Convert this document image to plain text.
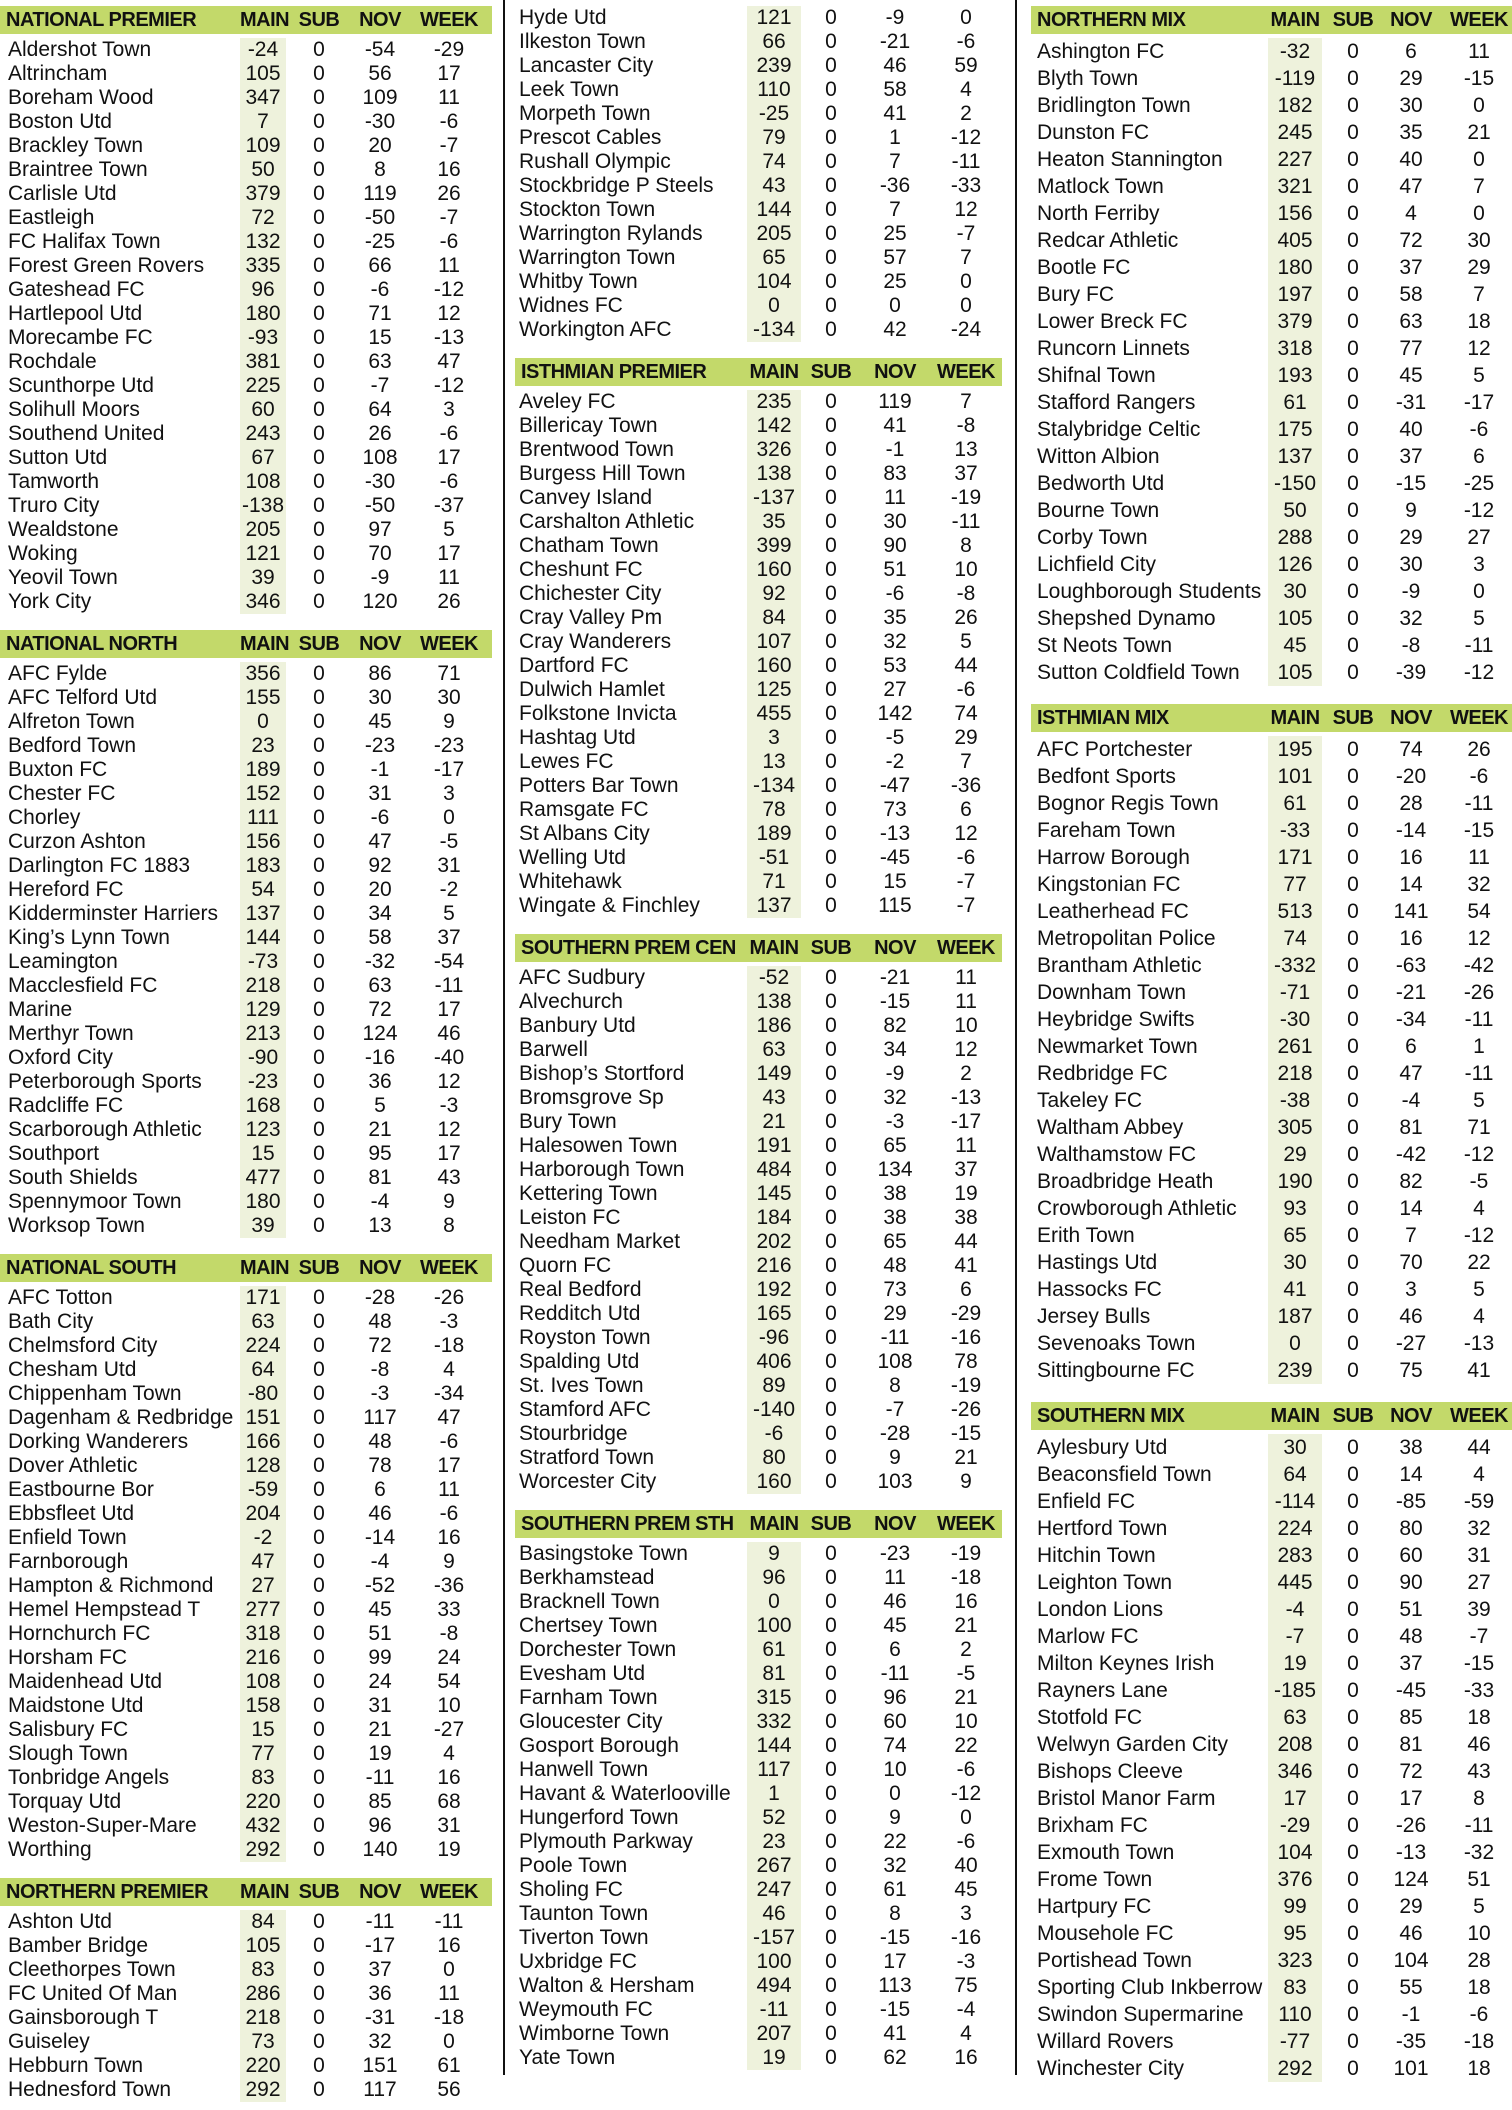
NATIONAL PREMIER MAIN SUB NOV WEEK
Aldershot Town	-24	0	-54	-29
Altrincham	105	0	56	17
Boreham Wood	347	0	109	11
Boston Utd	7	0	-30	-6
Brackley Town	109	0	20	-7
Braintree Town	50	0	8	16
Carlisle Utd	379	0	119	26
Eastleigh	72	0	-50	-7
FC Halifax Town	132	0	-25	-6
Forest Green Rovers	335	0	66	11
Gateshead FC	96	0	-6	-12
Hartlepool Utd	180	0	71	12
Morecambe FC	-93	0	15	-13
Rochdale	381	0	63	47
Scunthorpe Utd	225	0	-7	-12
Solihull Moors	60	0	64	3
Southend United	243	0	26	-6
Sutton Utd	67	0	108	17
Tamworth	108	0	-30	-6
Truro City	-138	0	-50	-37
Wealdstone	205	0	97	5
Woking	121	0	70	17
Yeovil Town	39	0	-9	11
York City	346	0	120	26
NATIONAL NORTH	MAIN SUB NOV WEEK
AFC Fylde	356	0	86	71
AFC Telford Utd	155	0	30	30
Alfreton Town	0	0	45	9
Bedford Town	23	0	-23	-23
Buxton FC	189	0	-1	-17
Chester FC	152	0	31	3
Chorley	111	0	-6	0
Curzon Ashton	156	0	47	-5
Darlington FC 1883	183	0	92	31
Hereford FC	54	0	20	-2
Kidderminster Harriers	137	0	34	5
King’s Lynn Town	144	0	58	37
Leamington	-73	0	-32	-54
Macclesfield FC	218	0	63	-11
Marine	129	0	72	17
Merthyr Town	213	0	124	46
Oxford City	-90	0	-16	-40
Peterborough Sports	-23	0	36	12
Radcliffe FC	168	0	5	-3
Scarborough Athletic	123	0	21	12
Southport	15	0	95	17
South Shields	477	0	81	43
Spennymoor Town	180	0	-4	9
Worksop Town	39	0	13	8
NATIONAL SOUTH	MAIN SUB NOV WEEK
AFC Totton	171	0	-28	-26
Bath City	63	0	48	-3
Chelmsford City	224	0	72	-18
Chesham Utd	64	0	-8	4
Chippenham Town	-80	0	-3	-34
Dagenham & Redbridge 151	0	117	47
Dorking Wanderers	166	0	48	-6
Dover Athletic	128	0	78	17
Eastbourne Bor	-59	0	6	11
Ebbsfleet Utd	204	0	46	-6
Enfield Town	-2	0	-14	16
Farnborough	47	0	-4	9
Hampton & Richmond	27	0	-52	-36
Hemel Hempstead T	277	0	45	33
Hornchurch FC	318	0	51	-8
Horsham FC	216	0	99	24
Maidenhead Utd	108	0	24	54
Maidstone Utd	158	0	31	10
Salisbury FC	15	0	21	-27
Slough Town	77	0	19	4
Tonbridge Angels	83	0	-11	16
Torquay Utd	220	0	85	68
Weston-Super-Mare	432	0	96	31
Worthing	292	0	140	19
NORTHERN PREMIER MAIN SUB NOV WEEK
Ashton Utd	84	0	-11	-11
Bamber Bridge	105	0	-17	16
Cleethorpes Town	83	0	37	0
FC United Of Man	286	0	36	11
Gainsborough T	218	0	-31	-18
Guiseley	73	0	32	0
Hebburn Town	220	0	151	61
Hednesford Town	292	0	117	56
Hyde Utd	121	0	-9	0
Ilkeston Town	66	0	-21	-6
Lancaster City	239	0	46	59
Leek Town	110	0	58	4
Morpeth Town	-25	0	41	2
Prescot Cables	79	0	1	-12
Rushall Olympic	74	0	7	-11
Stockbridge P Steels	43	0	-36	-33
Stockton Town	144	0	7	12
Warrington Rylands	205	0	25	-7
Warrington Town	65	0	57	7
Whitby Town	104	0	25	0
Widnes FC	0	0	0	0
Workington AFC	-134	0	42	-24
ISTHMIAN PREMIER MAIN SUB	NOV	WEEK
Aveley FC	235	0	119	7
Billericay Town	142	0	41	-8
Brentwood Town	326	0	-1	13
Burgess Hill Town	138	0	83	37
Canvey Island	-137	0	11	-19
Carshalton Athletic	35	0	30	-11
Chatham Town	399	0	90	8
Cheshunt FC	160	0	51	10
Chichester City	92	0	-6	-8
Cray Valley Pm	84	0	35	26
Cray Wanderers	107	0	32	5
Dartford FC	160	0	53	44
Dulwich Hamlet	125	0	27	-6
Folkstone Invicta	455	0	142	74
Hashtag Utd	3	0	-5	29
Lewes FC	13	0	-2	7
Potters Bar Town	-134	0	-47	-36
Ramsgate FC	78	0	73	6
St Albans City	189	0	-13	12
Welling Utd	-51	0	-45	-6
Whitehawk	71	0	15	-7
Wingate & Finchley	137	0	115	-7
SOUTHERN PREM CEN MAIN SUB	NOV	WEEK
AFC Sudbury	-52	0	-21	11
Alvechurch	138	0	-15	11
Banbury Utd	186	0	82	10
Barwell	63	0	34	12
Bishop’s Stortford	149	0	-9	2
Bromsgrove Sp	43	0	32	-13
Bury Town	21	0	-3	-17
Halesowen Town	191	0	65	11
Harborough Town	484	0	134	37
Kettering Town	145	0	38	19
Leiston FC	184	0	38	38
Needham Market	202	0	65	44
Quorn FC	216	0	48	41
Real Bedford	192	0	73	6
Redditch Utd	165	0	29	-29
Royston Town	-96	0	-11	-16
Spalding Utd	406	0	108	78
St. Ives Town	89	0	8	-19
Stamford AFC	-140	0	-7	-26
Stourbridge	-6	0	-28	-15
Stratford Town	80	0	9	21
Worcester City	160	0	103	9
SOUTHERN PREM STH MAIN SUB	NOV	WEEK
Basingstoke Town	9	0	-23	-19
Berkhamstead	96	0	11	-18
Bracknell Town	0	0	46	16
Chertsey Town	100	0	45	21
Dorchester Town	61	0	6	2
Evesham Utd	81	0	-11	-5
Farnham Town	315	0	96	21
Gloucester City	332	0	60	10
Gosport Borough	144	0	74	22
Hanwell Town	117	0	10	-6
Havant & Waterlooville	1	0	0	-12
Hungerford Town	52	0	9	0
Plymouth Parkway	23	0	22	-6
Poole Town	267	0	32	40
Sholing FC	247	0	61	45
Taunton Town	46	0	8	3
Tiverton Town	-157	0	-15	-16
Uxbridge FC	100	0	17	-3
Walton & Hersham	494	0	113	75
Weymouth FC	-11	0	-15	-4
Wimborne Town	207	0	41	4
Yate Town	19	0	62	16
NORTHERN MIX	MAIN SUB NOV WEEK
Ashington FC	-32	0	6	11
Blyth Town	-119	0	29	-15
Bridlington Town	182	0	30	0
Dunston FC	245	0	35	21
Heaton Stannington	227	0	40	0
Matlock Town	321	0	47	7
North Ferriby	156	0	4	0
Redcar Athletic	405	0	72	30
Bootle FC	180	0	37	29
Bury FC	197	0	58	7
Lower Breck FC	379	0	63	18
Runcorn Linnets	318	0	77	12
Shifnal Town	193	0	45	5
Stafford Rangers	61	0	-31	-17
Stalybridge Celtic	175	0	40	-6
Witton Albion	137	0	37	6
Bedworth Utd	-150	0	-15	-25
Bourne Town	50	0	9	-12
Corby Town	288	0	29	27
Lichfield City	126	0	30	3
Loughborough Students	30	0	-9	0
Shepshed Dynamo	105	0	32	5
St Neots Town	45	0	-8	-11
Sutton Coldfield Town	105	0	-39	-12
ISTHMIAN MIX	MAIN SUB NOV WEEK
AFC Portchester	195	0	74	26
Bedfont Sports	101	0	-20	-6
Bognor Regis Town	61	0	28	-11
Fareham Town	-33	0	-14	-15
Harrow Borough	171	0	16	11
Kingstonian FC	77	0	14	32
Leatherhead FC	513	0	141	54
Metropolitan Police	74	0	16	12
Brantham Athletic	-332	0	-63	-42
Downham Town	-71	0	-21	-26
Heybridge Swifts	-30	0	-34	-11
Newmarket Town	261	0	6	1
Redbridge FC	218	0	47	-11
Takeley FC	-38	0	-4	5
Waltham Abbey	305	0	81	71
Walthamstow FC	29	0	-42	-12
Broadbridge Heath	190	0	82	-5
Crowborough Athletic	93	0	14	4
Erith Town	65	0	7	-12
Hastings Utd	30	0	70	22
Hassocks FC	41	0	3	5
Jersey Bulls	187	0	46	4
Sevenoaks Town	0	0	-27	-13
Sittingbourne FC	239	0	75	41
SOUTHERN MIX	MAIN SUB NOV WEEK
Aylesbury Utd	30	0	38	44
Beaconsfield Town	64	0	14	4
Enfield FC	-114	0	-85	-59
Hertford Town	224	0	80	32
Hitchin Town	283	0	60	31
Leighton Town	445	0	90	27
London Lions	-4	0	51	39
Marlow FC	-7	0	48	-7
Milton Keynes Irish	19	0	37	-15
Rayners Lane	-185	0	-45	-33
Stotfold FC	63	0	85	18
Welwyn Garden City	208	0	81	46
Bishops Cleeve	346	0	72	43
Bristol Manor Farm	17	0	17	8
Brixham FC	-29	0	-26	-11
Exmouth Town	104	0	-13	-32
Frome Town	376	0	124	51
Hartpury FC	99	0	29	5
Mousehole FC	95	0	46	10
Portishead Town	323	0	104	28
Sporting Club Inkberrow	83	0	55	18
Swindon Supermarine	110	0	-1	-6
Willard Rovers	-77	0	-35	-18
Winchester City	292	0	101	18
